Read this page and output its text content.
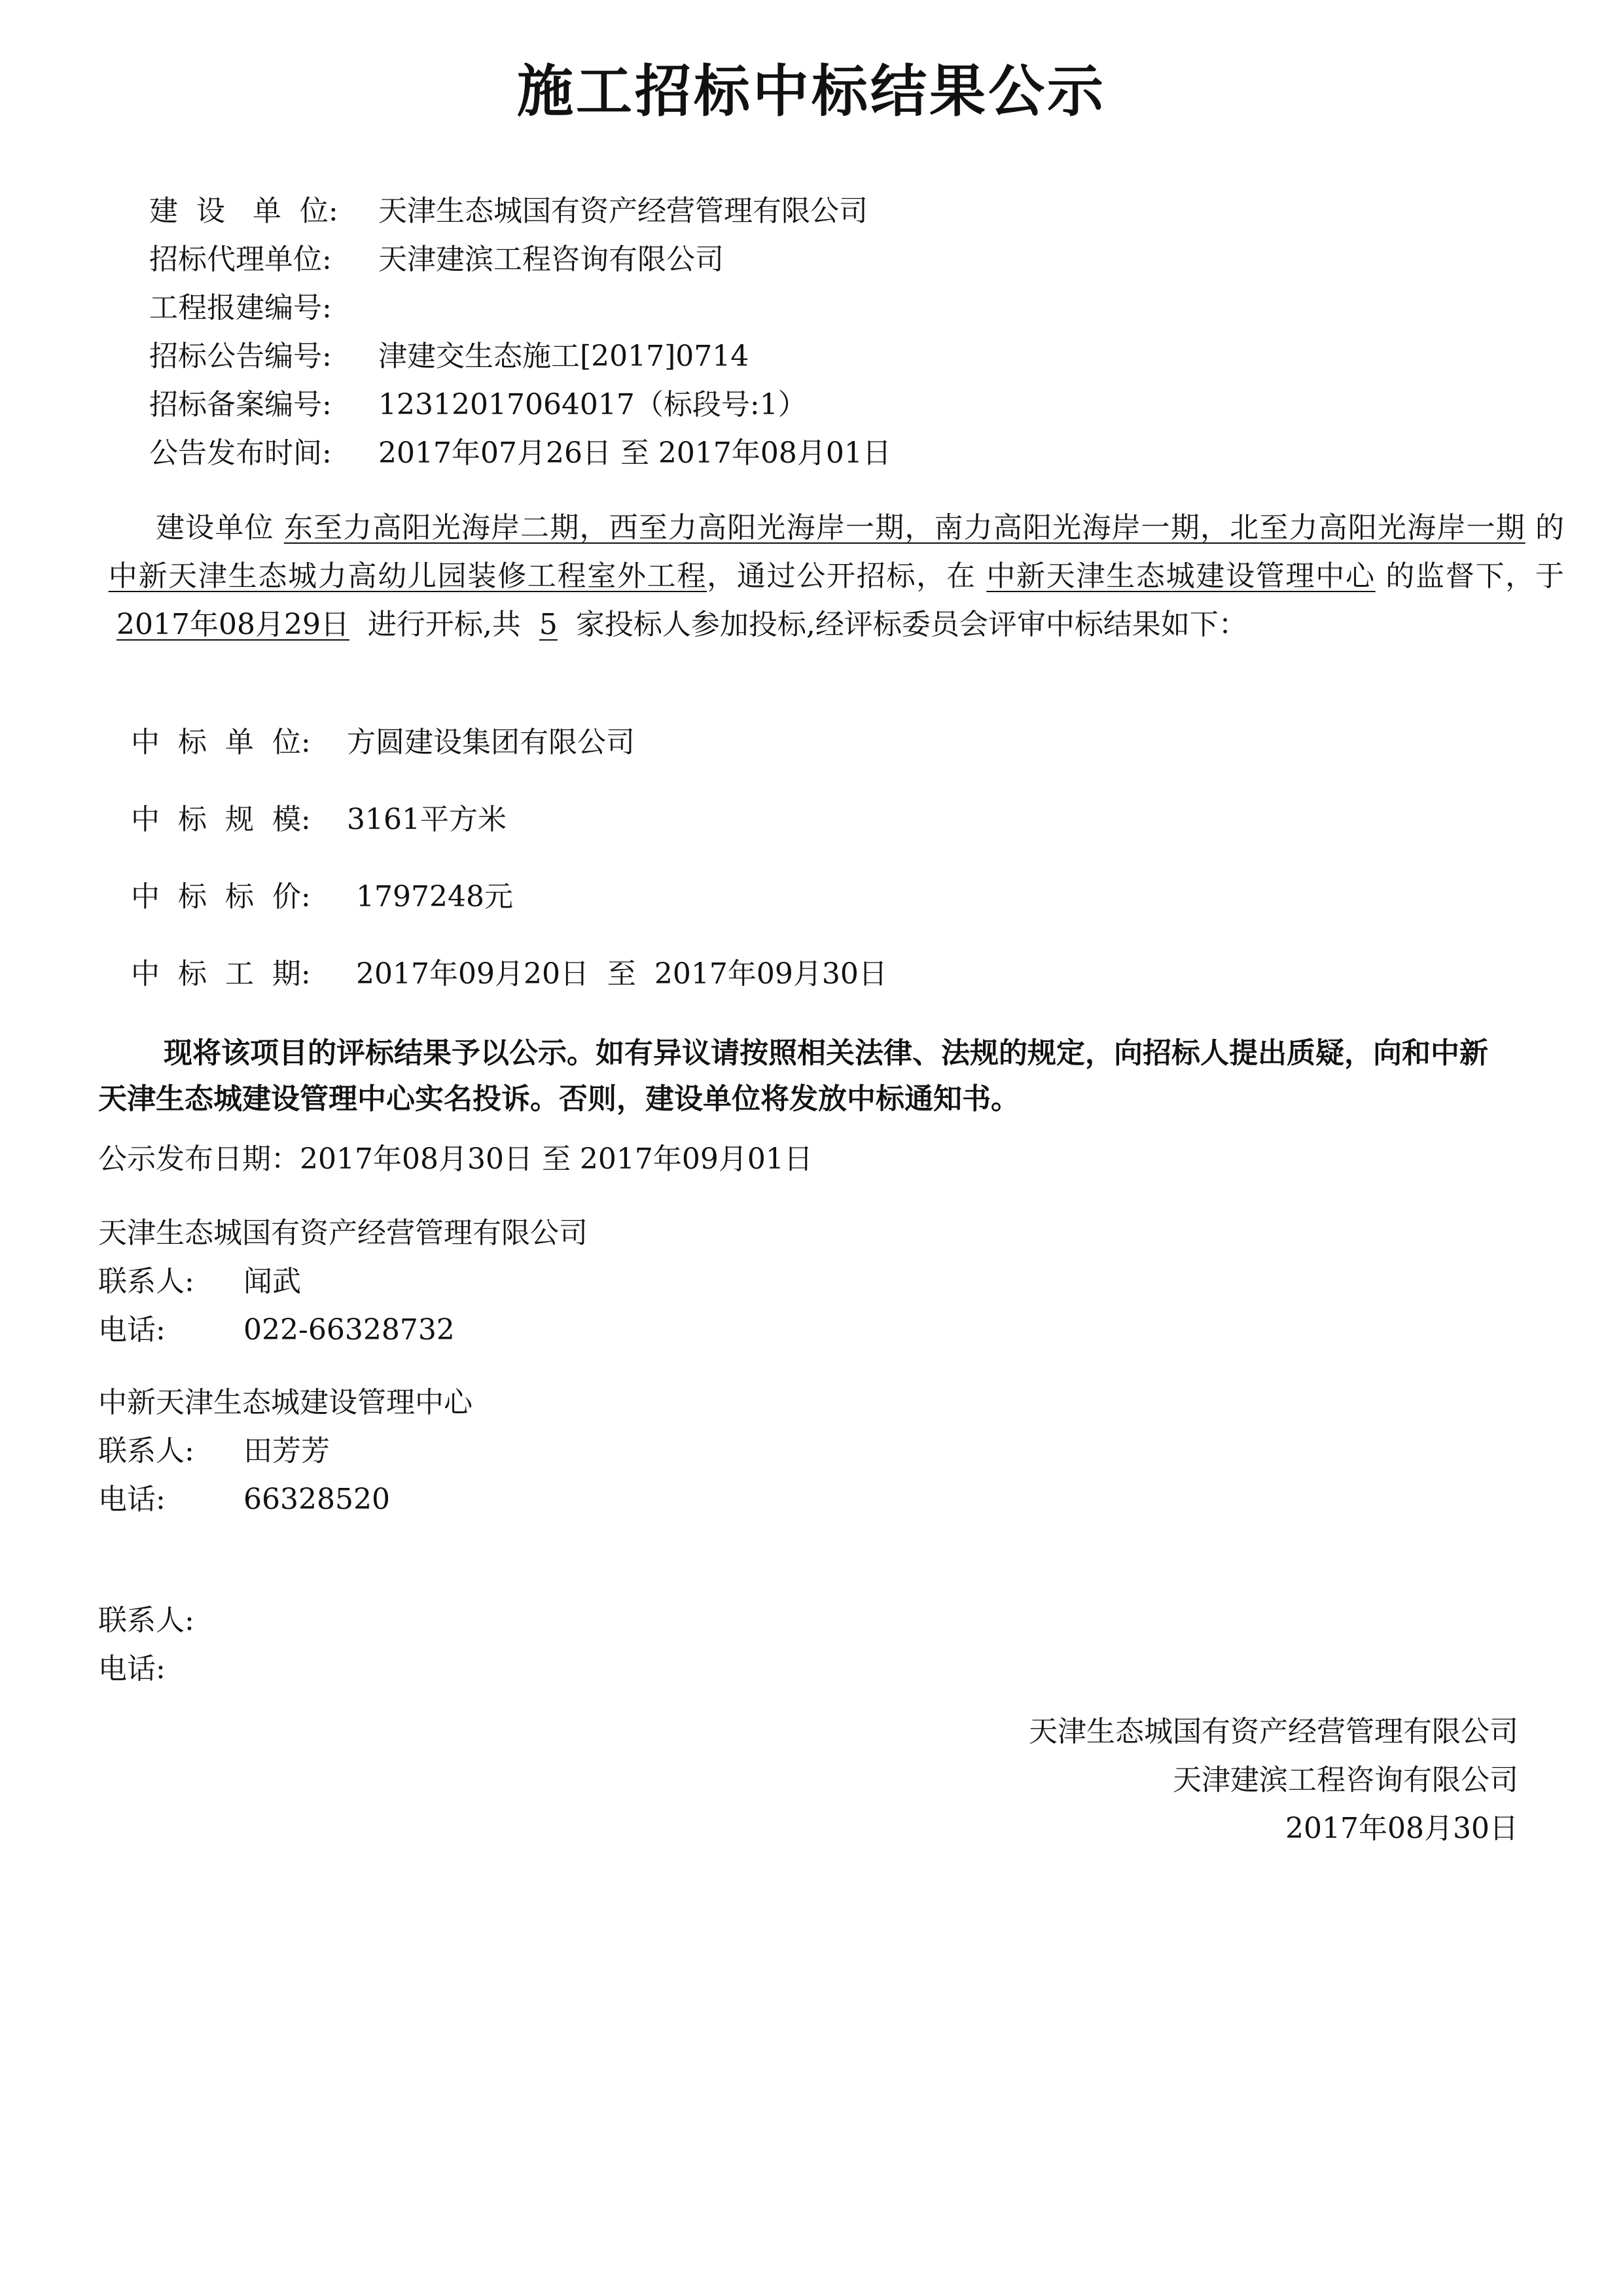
施工招标中标结果公示
建  设   单  位: 天津生态城国有资产经营管理有限公司
招标代理单位: 天津建滨工程咨询有限公司
工程报建编号:
招标公告编号: 津建交生态施工[2017]0714
招标备案编号: 12312017064017（标段号:1）
公告发布时间: 2017年07月26日 至 2017年08月01日
建设单位 东至力高阳光海岸二期，西至力高阳光海岸一期，南力高阳光海岸一期，北至力高阳光海岸一期 的 中新天津生态城力高幼儿园装修工程室外工程，通过公开招标，在 中新天津生态城建设管理中心 的监督下，于  2017年08月29日 进行开标,共 5 家投标人参加投标,经评标委员会评审中标结果如下：
中  标  单  位: 方圆建设集团有限公司
中  标  规  模: 3161平方米
中  标  标  价: 1797248元
中  标  工  期: 2017年09月20日  至  2017年09月30日
现将该项目的评标结果予以公示。如有异议请按照相关法律、法规的规定，向招标人提出质疑，向和中新天津生态城建设管理中心实名投诉。否则，建设单位将发放中标通知书。
公示发布日期：2017年08月30日 至 2017年09月01日
天津生态城国有资产经营管理有限公司
联系人: 闻武
电话:	022-66328732
中新天津生态城建设管理中心
联系人: 田芳芳
电话:	66328520
联系人:
电话:
天津生态城国有资产经营管理有限公司
天津建滨工程咨询有限公司
2017年08月30日
